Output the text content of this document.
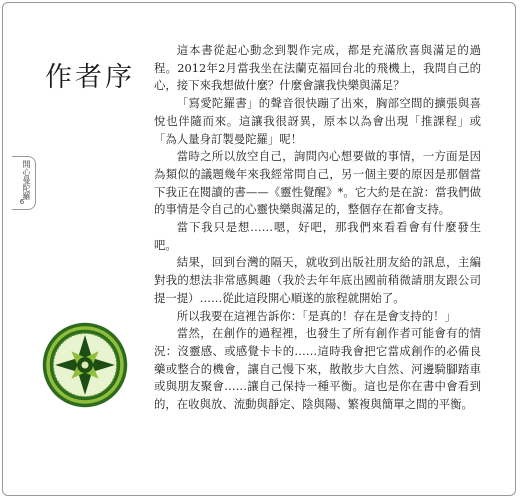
作者序
開心曼陀羅
6

這本書從起心動念到製作完成，都是充滿欣喜與滿足的過程。2012年2月當我坐在法蘭克福回台北的飛機上，我問自己的心，接下來我想做什麼？什麼會讓我快樂與滿足？

「寫愛陀羅書」的聲音很快蹦了出來，胸部空間的擴張與喜悅也伴隨而來。這讓我很訝異，原本以為會出現「推課程」或「為人量身訂製曼陀羅」呢！

當時之所以放空自己，詢問內心想要做的事情，一方面是因為類似的議題幾年來我經常問自己，另一個主要的原因是那個當下我正在閱讀的書——《靈性覺醒》*。它大約是在說：當我們做的事情是令自己的心靈快樂與滿足的，整個存在都會支持。

當下我只是想……嗯，好吧，那我們來看看會有什麼發生吧。

結果，回到台灣的隔天，就收到出版社朋友給的訊息，主編對我的想法非常感興趣（我於去年年底出國前稍微請朋友跟公司提一提）……從此這段開心順遂的旅程就開始了。

所以我要在這裡告訴你：「是真的！存在是會支持的！」

當然，在創作的過程裡，也發生了所有創作者可能會有的情況：沒靈感、或感覺卡卡的……這時我會把它當成創作的必備良藥或整合的機會，讓自己慢下來，散散步大自然、河邊騎腳踏車或與朋友聚會……讓自己保持一種平衡。這也是你在書中會看到的，在收與放、流動與靜定、陰與陽、繁複與簡單之間的平衡。
